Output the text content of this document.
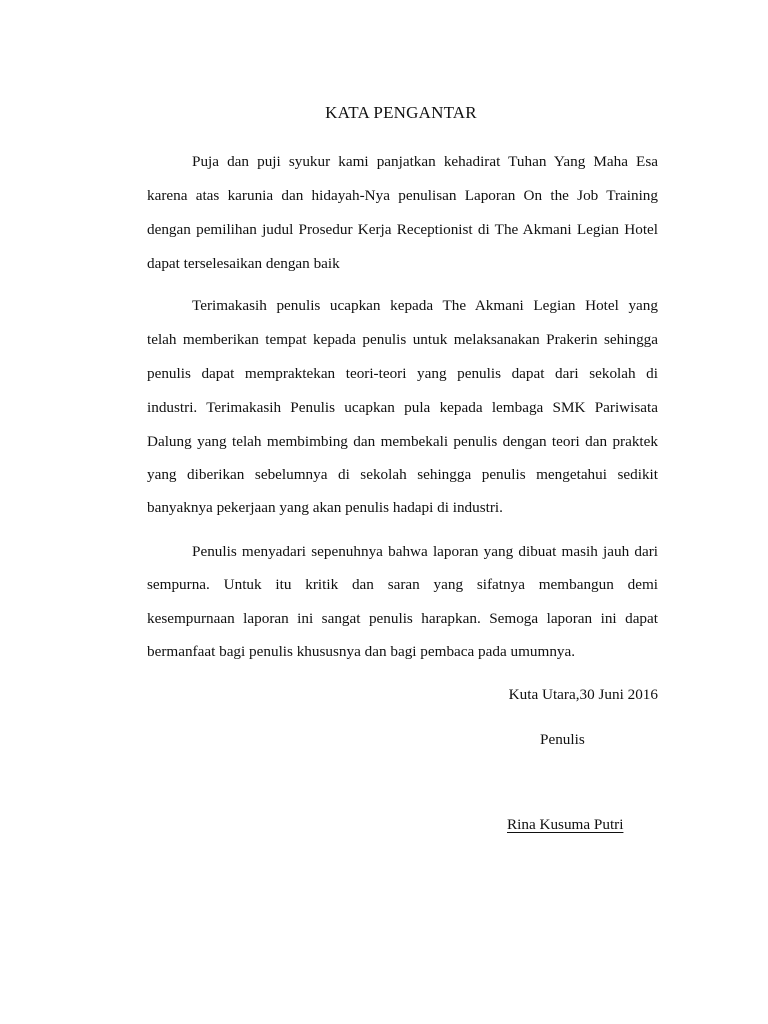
KATA PENGANTAR
Puja dan puji syukur kami panjatkan kehadirat Tuhan Yang Maha Esa
karena atas karunia dan hidayah-Nya penulisan Laporan On the Job Training
dengan pemilihan judul Prosedur Kerja Receptionist di The Akmani Legian Hotel
dapat terselesaikan dengan baik
Terimakasih penulis ucapkan kepada The Akmani Legian Hotel yang
telah memberikan tempat kepada penulis untuk melaksanakan Prakerin sehingga
penulis dapat mempraktekan teori-teori yang penulis dapat dari sekolah di
industri. Terimakasih Penulis ucapkan pula kepada lembaga SMK Pariwisata
Dalung yang telah membimbing dan membekali penulis dengan teori dan praktek
yang diberikan sebelumnya di sekolah sehingga penulis mengetahui sedikit
banyaknya pekerjaan yang akan penulis hadapi di industri.
Penulis menyadari sepenuhnya bahwa laporan yang dibuat masih jauh dari
sempurna. Untuk itu kritik dan saran yang sifatnya membangun demi
kesempurnaan laporan ini sangat penulis harapkan. Semoga laporan ini dapat
bermanfaat bagi penulis khususnya dan bagi pembaca pada umumnya.
Kuta Utara,30 Juni 2016
Penulis
Rina Kusuma Putri
